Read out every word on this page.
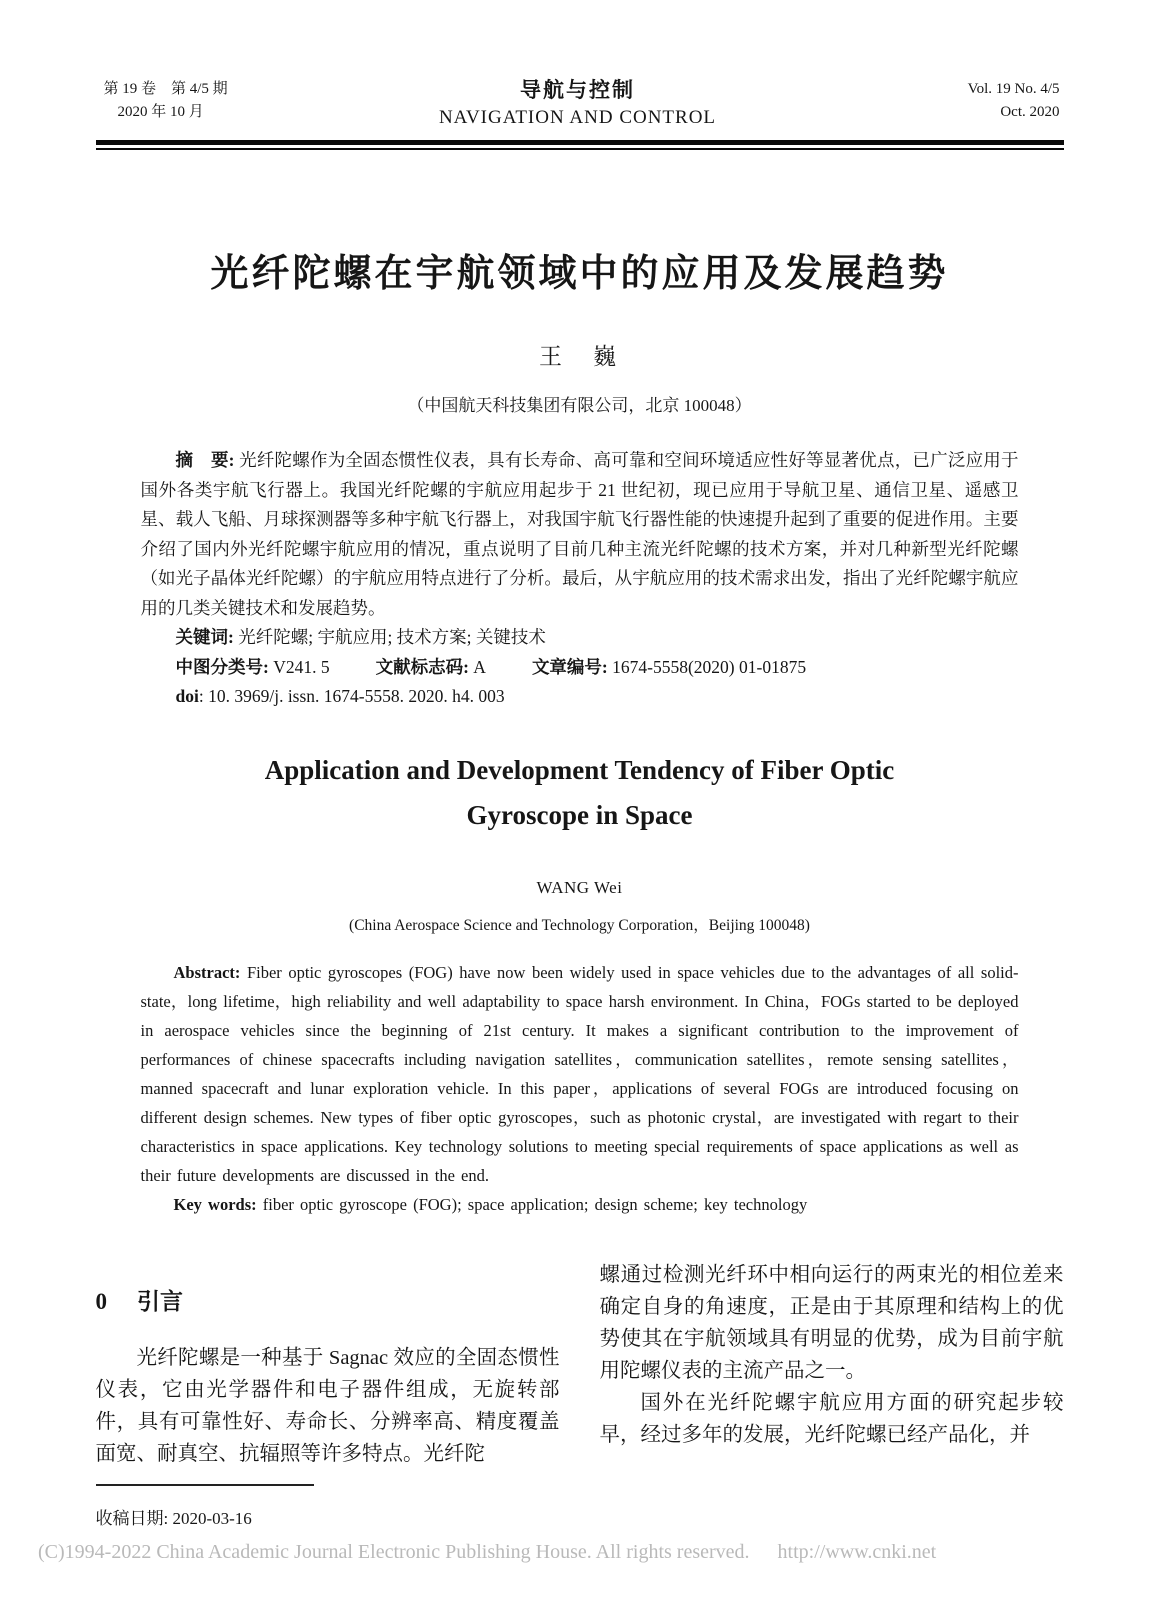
第 19 卷　第 4/5 期
2020 年 10 月
导航与控制
NAVIGATION AND CONTROL
Vol. 19 No. 4/5
Oct. 2020
光纤陀螺在宇航领域中的应用及发展趋势
王　巍
（中国航天科技集团有限公司，北京 100048）

摘　要: 光纤陀螺作为全固态惯性仪表，具有长寿命、高可靠和空间环境适应性好等显著优点，已广泛应用于国外各类宇航飞行器上。我国光纤陀螺的宇航应用起步于 21 世纪初，现已应用于导航卫星、通信卫星、遥感卫星、载人飞船、月球探测器等多种宇航飞行器上，对我国宇航飞行器性能的快速提升起到了重要的促进作用。主要介绍了国内外光纤陀螺宇航应用的情况，重点说明了目前几种主流光纤陀螺的技术方案，并对几种新型光纤陀螺（如光子晶体光纤陀螺）的宇航应用特点进行了分析。最后，从宇航应用的技术需求出发，指出了光纤陀螺宇航应用的几类关键技术和发展趋势。

关键词: 光纤陀螺; 宇航应用; 技术方案; 关键技术

中图分类号: V241. 5	文献标志码: A	文章编号: 1674-5558(2020) 01-01875

doi: 10. 3969/j. issn. 1674-5558. 2020. h4. 003

Application and Development Tendency of Fiber Optic
Gyroscope in Space
WANG Wei
(China Aerospace Science and Technology Corporation，Beijing 100048)

Abstract: Fiber optic gyroscopes (FOG) have now been widely used in space vehicles due to the advantages of all solid-state，long lifetime，high reliability and well adaptability to space harsh environment. In China，FOGs started to be deployed in aerospace vehicles since the beginning of 21st century. It makes a significant contribution to the improvement of performances of chinese spacecrafts including navigation satellites，communication satellites，remote sensing satellites，manned spacecraft and lunar exploration vehicle. In this paper，applications of several FOGs are introduced focusing on different design schemes. New types of fiber optic gyroscopes，such as photonic crystal，are investigated with regart to their characteristics in space applications. Key technology solutions to meeting special requirements of space applications as well as their future developments are discussed in the end.

Key words: fiber optic gyroscope (FOG); space application; design scheme; key technology

0 引言

光纤陀螺是一种基于 Sagnac 效应的全固态惯性仪表，它由光学器件和电子器件组成，无旋转部件，具有可靠性好、寿命长、分辨率高、精度覆盖面宽、耐真空、抗辐照等许多特点。光纤陀

收稿日期: 2020-03-16

螺通过检测光纤环中相向运行的两束光的相位差来确定自身的角速度，正是由于其原理和结构上的优势使其在宇航领域具有明显的优势，成为目前宇航用陀螺仪表的主流产品之一。

国外在光纤陀螺宇航应用方面的研究起步较早，经过多年的发展，光纤陀螺已经产品化，并

(C)1994-2022 China Academic Journal Electronic Publishing House. All rights reserved. http://www.cnki.net
